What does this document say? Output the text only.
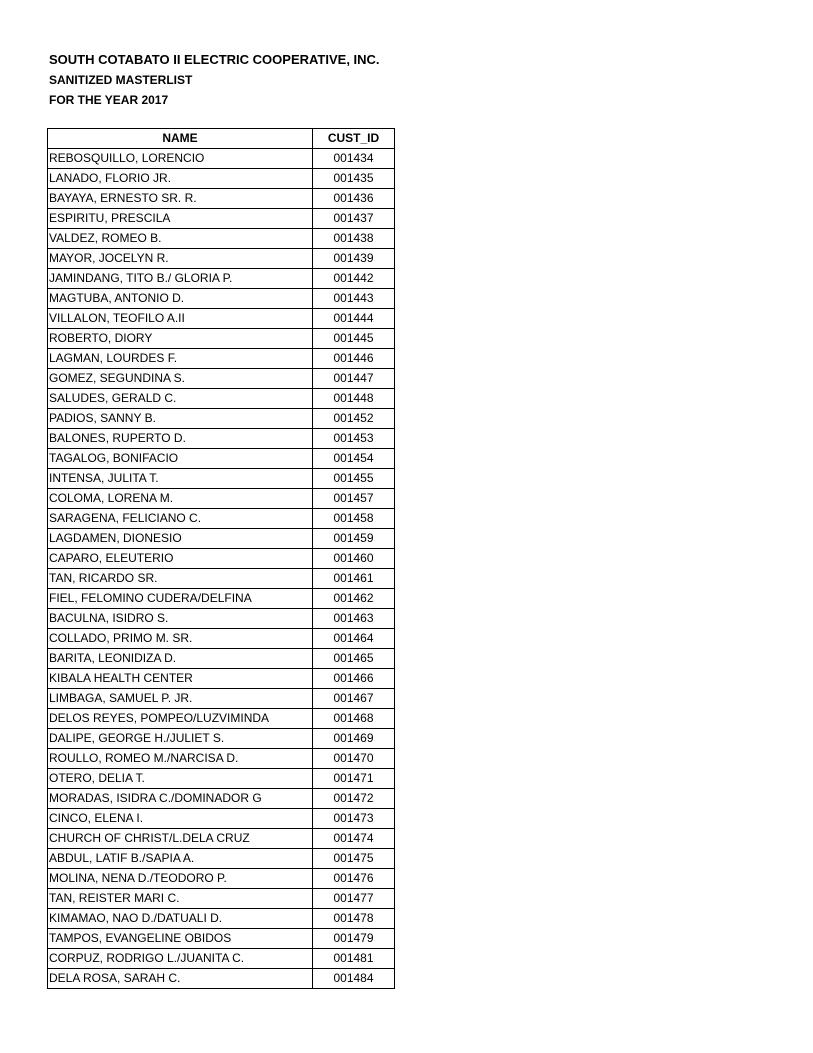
SOUTH COTABATO II ELECTRIC COOPERATIVE, INC.
SANITIZED MASTERLIST
FOR THE YEAR 2017
NAME	CUST_ID
REBOSQUILLO, LORENCIO	001434
LANADO, FLORIO JR.	001435
BAYAYA, ERNESTO SR. R.	001436
ESPIRITU, PRESCILA	001437
VALDEZ, ROMEO B.	001438
MAYOR, JOCELYN R.	001439
JAMINDANG, TITO B./ GLORIA P.	001442
MAGTUBA, ANTONIO D.	001443
VILLALON, TEOFILO A.II	001444
ROBERTO, DIORY	001445
LAGMAN, LOURDES F.	001446
GOMEZ, SEGUNDINA S.	001447
SALUDES, GERALD C.	001448
PADIOS, SANNY B.	001452
BALONES, RUPERTO D.	001453
TAGALOG, BONIFACIO	001454
INTENSA, JULITA T.	001455
COLOMA, LORENA M.	001457
SARAGENA, FELICIANO C.	001458
LAGDAMEN, DIONESIO	001459
CAPARO, ELEUTERIO	001460
TAN, RICARDO SR.	001461
FIEL, FELOMINO CUDERA/DELFINA	001462
BACULNA, ISIDRO S.	001463
COLLADO, PRIMO M. SR.	001464
BARITA, LEONIDIZA D.	001465
KIBALA HEALTH CENTER	001466
LIMBAGA, SAMUEL P. JR.	001467
DELOS REYES, POMPEO/LUZVIMINDA	001468
DALIPE, GEORGE H./JULIET S.	001469
ROULLO, ROMEO M./NARCISA D.	001470
OTERO, DELIA T.	001471
MORADAS, ISIDRA C./DOMINADOR G	001472
CINCO, ELENA I.	001473
CHURCH OF CHRIST/L.DELA CRUZ	001474
ABDUL, LATIF B./SAPIA A.	001475
MOLINA, NENA D./TEODORO P.	001476
TAN, REISTER MARI C.	001477
KIMAMAO, NAO D./DATUALI D.	001478
TAMPOS, EVANGELINE OBIDOS	001479
CORPUZ, RODRIGO L./JUANITA C.	001481
DELA ROSA, SARAH C.	001484
